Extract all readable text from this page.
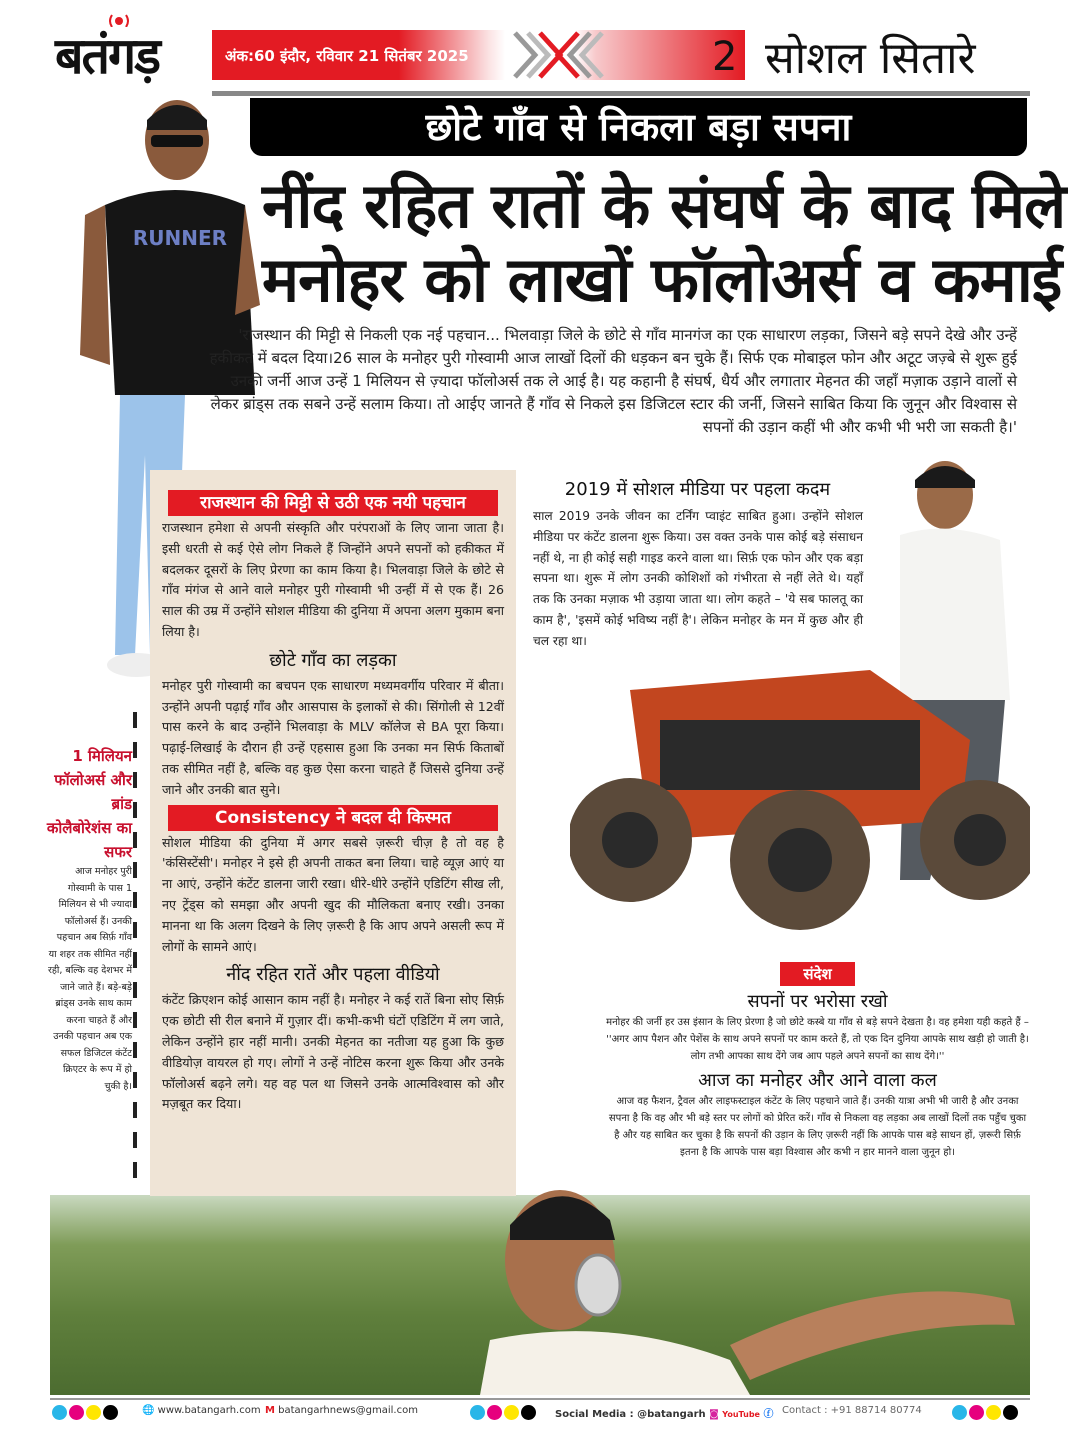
बतंगड़	अंक:60 इंदौर, रविवार 21 सितंबर 2025	2 सोशल सितारे
छोटे गाँव से निकला बड़ा सपना
नींद रहित रातों के संघर्ष के बाद मिले
मनोहर को लाखों फॉलोअर्स व कमाई
RUNNER
'राजस्थान की मिट्टी से निकली एक नई पहचान... भिलवाड़ा जिले के छोटे से गाँव मानगंज का एक साधारण लड़का, जिसने बड़े सपने देखे और उन्हें हकीकत में बदल दिया।26 साल के मनोहर पुरी गोस्वामी आज लाखों दिलों की धड़कन बन चुके हैं। सिर्फ एक मोबाइल फोन और अटूट जज़्बे से शुरू हुई उनकी जर्नी आज उन्हें 1 मिलियन से ज़्यादा फॉलोअर्स तक ले आई है। यह कहानी है संघर्ष, धैर्य और लगातार मेहनत की जहाँ मज़ाक उड़ाने वालों से लेकर ब्रांड्स तक सबने उन्हें सलाम किया। तो आईए जानते हैं गाँव से निकले इस डिजिटल स्टार की जर्नी, जिसने साबित किया कि जुनून और विश्वास से सपनों की उड़ान कहीं भी और कभी भी भरी जा सकती है।'
राजस्थान की मिट्टी से उठी एक नयी पहचान
राजस्थान हमेशा से अपनी संस्कृति और परंपराओं के लिए जाना जाता है। इसी धरती से कई ऐसे लोग निकले हैं जिन्होंने अपने सपनों को हकीकत में बदलकर दूसरों के लिए प्रेरणा का काम किया है। भिलवाड़ा जिले के छोटे से गाँव मंगंज से आने वाले मनोहर पुरी गोस्वामी भी उन्हीं में से एक हैं। 26 साल की उम्र में उन्होंने सोशल मीडिया की दुनिया में अपना अलग मुकाम बना लिया है।
छोटे गाँव का लड़का
मनोहर पुरी गोस्वामी का बचपन एक साधारण मध्यमवर्गीय परिवार में बीता। उन्होंने अपनी पढ़ाई गाँव और आसपास के इलाकों से की। सिंगोली से 12वीं पास करने के बाद उन्होंने भिलवाड़ा के MLV कॉलेज से BA पूरा किया। पढ़ाई-लिखाई के दौरान ही उन्हें एहसास हुआ कि उनका मन सिर्फ किताबों तक सीमित नहीं है, बल्कि वह कुछ ऐसा करना चाहते हैं जिससे दुनिया उन्हें जाने और उनकी बात सुने।
Consistency ने बदल दी किस्मत
सोशल मीडिया की दुनिया में अगर सबसे ज़रूरी चीज़ है तो वह है 'कंसिस्टेंसी'। मनोहर ने इसे ही अपनी ताकत बना लिया। चाहे व्यूज़ आएं या ना आएं, उन्होंने कंटेंट डालना जारी रखा। धीरे-धीरे उन्होंने एडिटिंग सीख ली, नए ट्रेंड्स को समझा और अपनी खुद की मौलिकता बनाए रखी। उनका मानना था कि अलग दिखने के लिए ज़रूरी है कि आप अपने असली रूप में लोगों के सामने आएं।
नींद रहित रातें और पहला वीडियो
कंटेंट क्रिएशन कोई आसान काम नहीं है। मनोहर ने कई रातें बिना सोए सिर्फ़ एक छोटी सी रील बनाने में गुज़ार दीं। कभी-कभी घंटों एडिटिंग में लग जाते, लेकिन उन्होंने हार नहीं मानी। उनकी मेहनत का नतीजा यह हुआ कि कुछ वीडियोज़ वायरल हो गए। लोगों ने उन्हें नोटिस करना शुरू किया और उनके फॉलोअर्स बढ़ने लगे। यह वह पल था जिसने उनके आत्मविश्वास को और मज़बूत कर दिया।
1 मिलियन फॉलोअर्स और ब्रांड कोलैबोरेशंस का सफर

आज मनोहर पुरी गोस्वामी के पास 1 मिलियन से भी ज्यादा फॉलोअर्स हैं। उनकी पहचान अब सिर्फ़ गाँव या शहर तक सीमित नहीं रही, बल्कि वह देशभर में जाने जाते हैं। बड़े-बड़े ब्रांड्स उनके साथ काम करना चाहते हैं और उनकी पहचान अब एक सफल डिजिटल कंटेंट क्रिएटर के रूप में हो चुकी है।

2019 में सोशल मीडिया पर पहला कदम
साल 2019 उनके जीवन का टर्निंग प्वाइंट साबित हुआ। उन्होंने सोशल मीडिया पर कंटेंट डालना शुरू किया। उस वक्त उनके पास कोई बड़े संसाधन नहीं थे, ना ही कोई सही गाइड करने वाला था। सिर्फ़ एक फोन और एक बड़ा सपना था। शुरू में लोग उनकी कोशिशों को गंभीरता से नहीं लेते थे। यहाँ तक कि उनका मज़ाक भी उड़ाया जाता था। लोग कहते – 'ये सब फालतू का काम है', 'इसमें कोई भविष्य नहीं है'। लेकिन मनोहर के मन में कुछ और ही चल रहा था।
संदेश
सपनों पर भरोसा रखो
मनोहर की जर्नी हर उस इंसान के लिए प्रेरणा है जो छोटे कस्बे या गाँव से बड़े सपने देखता है। वह हमेशा यही कहते हैं – ''अगर आप पैशन और पेशेंस के साथ अपने सपनों पर काम करते हैं, तो एक दिन दुनिया आपके साथ खड़ी हो जाती है। लोग तभी आपका साथ देंगे जब आप पहले अपने सपनों का साथ देंगे।''
आज का मनोहर और आने वाला कल
आज वह फैशन, ट्रैवल और लाइफस्टाइल कंटेंट के लिए पहचाने जाते हैं। उनकी यात्रा अभी भी जारी है और उनका सपना है कि वह और भी बड़े स्तर पर लोगों को प्रेरित करें। गाँव से निकला वह लड़का अब लाखों दिलों तक पहुँच चुका है और यह साबित कर चुका है कि सपनों की उड़ान के लिए ज़रूरी नहीं कि आपके पास बड़े साधन हों, ज़रूरी सिर्फ़ इतना है कि आपके पास बड़ा विश्वास और कभी न हार मानने वाला जुनून हो।
🌐 www.batangarh.com M batangarhnews@gmail.com	Social Media : @batangarh ◙ YouTube ⓕ Contact : +91 88714 80774
